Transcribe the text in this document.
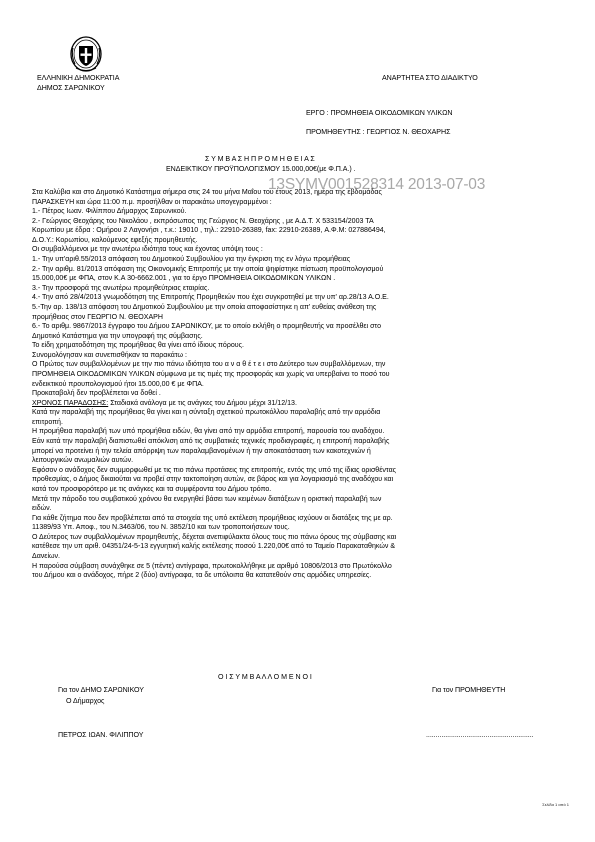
ΕΛΛΗΝΙΚΗ ΔΗΜΟΚΡΑΤΙΑ
ΔΗΜΟΣ ΣΑΡΩΝΙΚΟΥ
ΑΝΑΡΤΗΤΕΑ ΣΤΟ ΔΙΑΔΙΚΤΥΟ
ΕΡΓΟ : ΠΡΟΜΗΘΕΙΑ ΟΙΚΟΔΟΜΙΚΩΝ ΥΛΙΚΩΝ
ΠΡΟΜΗΘΕΥΤΗΣ : ΓΕΩΡΓΙΟΣ Ν. ΘΕΟΧΑΡΗΣ
Σ Υ Μ Β Α Σ Η Π Ρ Ο Μ Η Θ Ε Ι Α Σ
ΕΝΔΕΙΚΤΙΚΟΥ ΠΡΟΫΠΟΛΟΓΙΣΜΟΥ 15.000,00€(με Φ.Π.Α.) .
Στα Καλύβια και στο Δημοτικό Κατάστημα σήμερα στις 24 του μήνα Μαΐου του έτους 2013, ημέρα της εβδομάδας
ΠΑΡΑΣΚΕΥΗ και ώρα 11:00 π.μ. προσήλθαν οι παρακάτω υπογεγραμμένοι :
1.- Πέτρος Ιωαν. Φιλίππου Δήμαρχος Σαρωνικού.
2.- Γεώργιος Θεοχάρης του Νικολάου , εκπρόσωπος της Γεώργιος Ν. Θεοχάρης , με Α.Δ.Τ. Χ 533154/2003 ΤΑ
Κορωπίου με έδρα : Ομήρου 2 Λαγονήσι , τ.κ.: 19010 , τηλ.: 22910-26389, fax: 22910-26389, Α.Φ.Μ: 027886494,
Δ.Ο.Υ.: Κορωπίου, καλούμενος εφεξής προμηθευτής.
Οι συμβαλλόμενοι με την ανωτέρω ιδιότητα τους και έχοντας υπόψη τους :
1.- Την υπ'αριθ.55/2013 απόφαση του Δημοτικού Συμβουλίου για την έγκριση της εν λόγω προμήθειας
2.- Την αριθμ. 81/2013 απόφαση της Οικονομικής Επιτροπής με την οποία ψηφίστηκε πίστωση προϋπολογισμού
15.000,00€ με ΦΠΑ, στον Κ.Α 30-6662.001 , για το έργο ΠΡΟΜΗΘΕΙΑ ΟΙΚΟΔΟΜΙΚΩΝ ΥΛΙΚΩΝ .
3.- Την προσφορά της ανωτέρω προμηθεύτριας εταιρίας.
4.- Την από 28/4/2013 γνωμοδότηση της Επιτροπής Προμηθειών που έχει συγκροτηθεί με την υπ' αρ.28/13 Α.Ο.Ε.
5.-Την αρ. 138/13 απόφαση του Δημοτικού Συμβουλίου με την οποία αποφασίστηκε η απ' ευθείας ανάθεση της
προμήθειας στον ΓΕΩΡΓΙΟ Ν. ΘΕΟΧΑΡΗ
6.- Το αριθμ. 9867/2013 έγγραφο του Δήμου ΣΑΡΩΝΙΚΟΥ, με το οποίο εκλήθη ο προμηθευτής να προσέλθει στο
Δημοτικό Κατάστημα για την υπογραφή της σύμβασης.
Το είδη χρηματοδότηση της προμήθειας θα γίνει από ίδιους πόρους.
Συνομολόγησαν και συνεπισθήκαν τα παρακάτω :
Ο Πρώτος των συμβαλλομένων με την πιο πάνω ιδιότητα του α ν α θ έ τ ε ι στο Δεύτερο των συμβαλλόμενων, την
ΠΡΟΜΗΘΕΙΑ ΟΙΚΟΔΟΜΙΚΩΝ ΥΛΙΚΩΝ σύμφωνα με τις τιμές της προσφοράς και χωρίς να υπερβαίνει το ποσό του
ενδεικτικού προυπολογισμού ήτοι 15.000,00 € με ΦΠΑ.
Προκαταβολή δεν προβλέπεται να δοθεί .
ΧΡΟΝΟΣ ΠΑΡΑΔΟΣΗΣ: Σταδιακά ανάλογα με τις ανάγκες του Δήμου μέχρι 31/12/13.
Κατά την παραλαβή της προμήθειας θα γίνει και η σύνταξη σχετικού πρωτοκόλλου παραλαβής από την αρμόδια
επιτροπή.
Η προμήθεια παραλαβή των υπό προμήθεια ειδών, θα γίνει από την αρμόδια επιτροπή, παρουσία του αναδόχου.
Εάν κατά την παραλαβή διαπιστωθεί απόκλιση από τις συμβατικές τεχνικές προδιαγραφές, η επιτροπή παραλαβής
μπορεί να προτείνει ή την τελεία απόρριψη των παραλαμβανομένων ή την αποκατάσταση των κακοτεχνιών ή
λειτουργικών ανωμαλιών αυτών.
Εφόσον ο ανάδοχος δεν συμμορφωθεί με τις πιο πάνω προτάσεις της επιτροπής, εντός της υπό της ίδιας ορισθέντας
προθεσμίας, ο Δήμος δικαιούται να προβεί στην τακτοποίηση αυτών, σε βάρος και για λογαριασμό της αναδόχου και
κατά τον προσφορότερο με τις ανάγκες και τα συμφέροντα του Δήμου τρόπο.
Μετά την πάροδο του συμβατικού χρόνου θα ενεργηθεί βάσει των κειμένων διατάξεων η οριστική παραλαβή των
ειδών.
Για κάθε ζήτημα που δεν προβλέπεται από τα στοιχεία της υπό εκτέλεση προμήθειας ισχύουν οι διατάξεις της με αρ.
11389/93 Υπ. Αποφ., του Ν.3463/06, του Ν. 3852/10 και των τροποποιήσεων τους.
Ο Δεύτερος των συμβαλλομένων προμηθευτής, δέχεται ανεπιφύλακτα όλους τους πιο πάνω όρους της σύμβασης και
κατέθεσε την υπ αριθ. 04351/24-5-13 εγγυητική καλής εκτέλεσης ποσού 1.220,00€ από το Ταμείο Παρακαταθηκών &
Δανείων.
Η παρούσα σύμβαση συνάχθηκε σε 5 (πέντε) αντίγραφα, πρωτοκολλήθηκε με αριθμό 10806/2013 στο Πρωτόκολλο
του Δήμου και ο ανάδοχος, πήρε 2 (δύο) αντίγραφα, τα δε υπόλοιπα θα κατατεθούν στις αρμόδιες υπηρεσίες.
13SYMV001528314 2013-07-03
Ο Ι Σ Υ Μ Β Α Λ Λ Ο Μ Ε Ν Ο Ι
Για τον ΔΗΜΟ ΣΑΡΩΝΙΚΟΥ
Ο Δήμαρχος
Για τον ΠΡΟΜΗΘΕΥΤΗ
ΠΕΤΡΟΣ ΙΩΑΝ. ΦΙΛΙΠΠΟΥ	........................................................
Σελίδα 1 από 1
